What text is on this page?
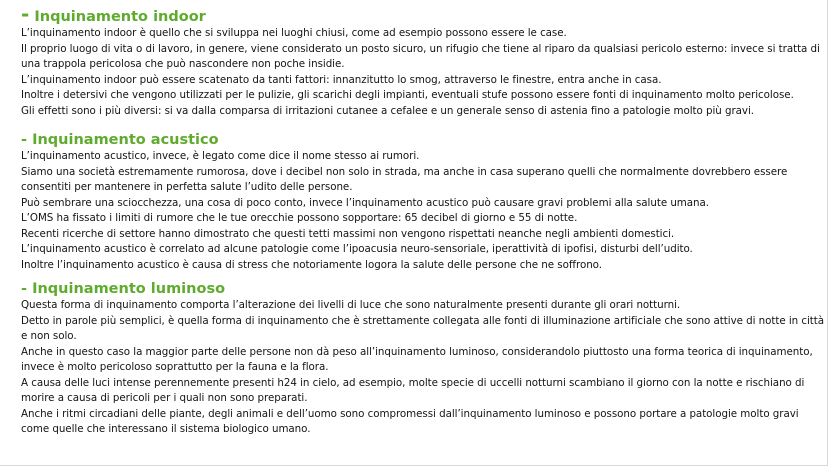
- Inquinamento indoor

L’inquinamento indoor è quello che si sviluppa nei luoghi chiusi, come ad esempio possono essere le case.

Il proprio luogo di vita o di lavoro, in genere, viene considerato un posto sicuro, un rifugio che tiene al riparo da qualsiasi pericolo esterno: invece si tratta di una trappola pericolosa che può nascondere non poche insidie.

L’inquinamento indoor può essere scatenato da tanti fattori: innanzitutto lo smog, attraverso le finestre, entra anche in casa.

Inoltre i detersivi che vengono utilizzati per le pulizie, gli scarichi degli impianti, eventuali stufe possono essere fonti di inquinamento molto pericolose.

Gli effetti sono i più diversi: si va dalla comparsa di irritazioni cutanee a cefalee e un generale senso di astenia fino a patologie molto più gravi.

- Inquinamento acustico

L’inquinamento acustico, invece, è legato come dice il nome stesso ai rumori.

Siamo una società estremamente rumorosa, dove i decibel non solo in strada, ma anche in casa superano quelli che normalmente dovrebbero essere consentiti per mantenere in perfetta salute l’udito delle persone.

Può sembrare una sciocchezza, una cosa di poco conto, invece l’inquinamento acustico può causare gravi problemi alla salute umana.

L’OMS ha fissato i limiti di rumore che le tue orecchie possono sopportare: 65 decibel di giorno e 55 di notte.

Recenti ricerche di settore hanno dimostrato che questi tetti massimi non vengono rispettati neanche negli ambienti domestici.

L’inquinamento acustico è correlato ad alcune patologie come l’ipoacusia neuro-sensoriale, iperattività di ipofisi, disturbi dell’udito.

Inoltre l’inquinamento acustico è causa di stress che notoriamente logora la salute delle persone che ne soffrono.

- Inquinamento luminoso

Questa forma di inquinamento comporta l’alterazione dei livelli di luce che sono naturalmente presenti durante gli orari notturni.

Detto in parole più semplici, è quella forma di inquinamento che è strettamente collegata alle fonti di illuminazione artificiale che sono attive di notte in città e non solo.

Anche in questo caso la maggior parte delle persone non dà peso all’inquinamento luminoso, considerandolo piuttosto una forma teorica di inquinamento, invece è molto pericoloso soprattutto per la fauna e la flora.

A causa delle luci intense perennemente presenti h24 in cielo, ad esempio, molte specie di uccelli notturni scambiano il giorno con la notte e rischiano di morire a causa di pericoli per i quali non sono preparati.

Anche i ritmi circadiani delle piante, degli animali e dell’uomo sono compromessi dall’inquinamento luminoso e possono portare a patologie molto gravi come quelle che interessano il sistema biologico umano.
